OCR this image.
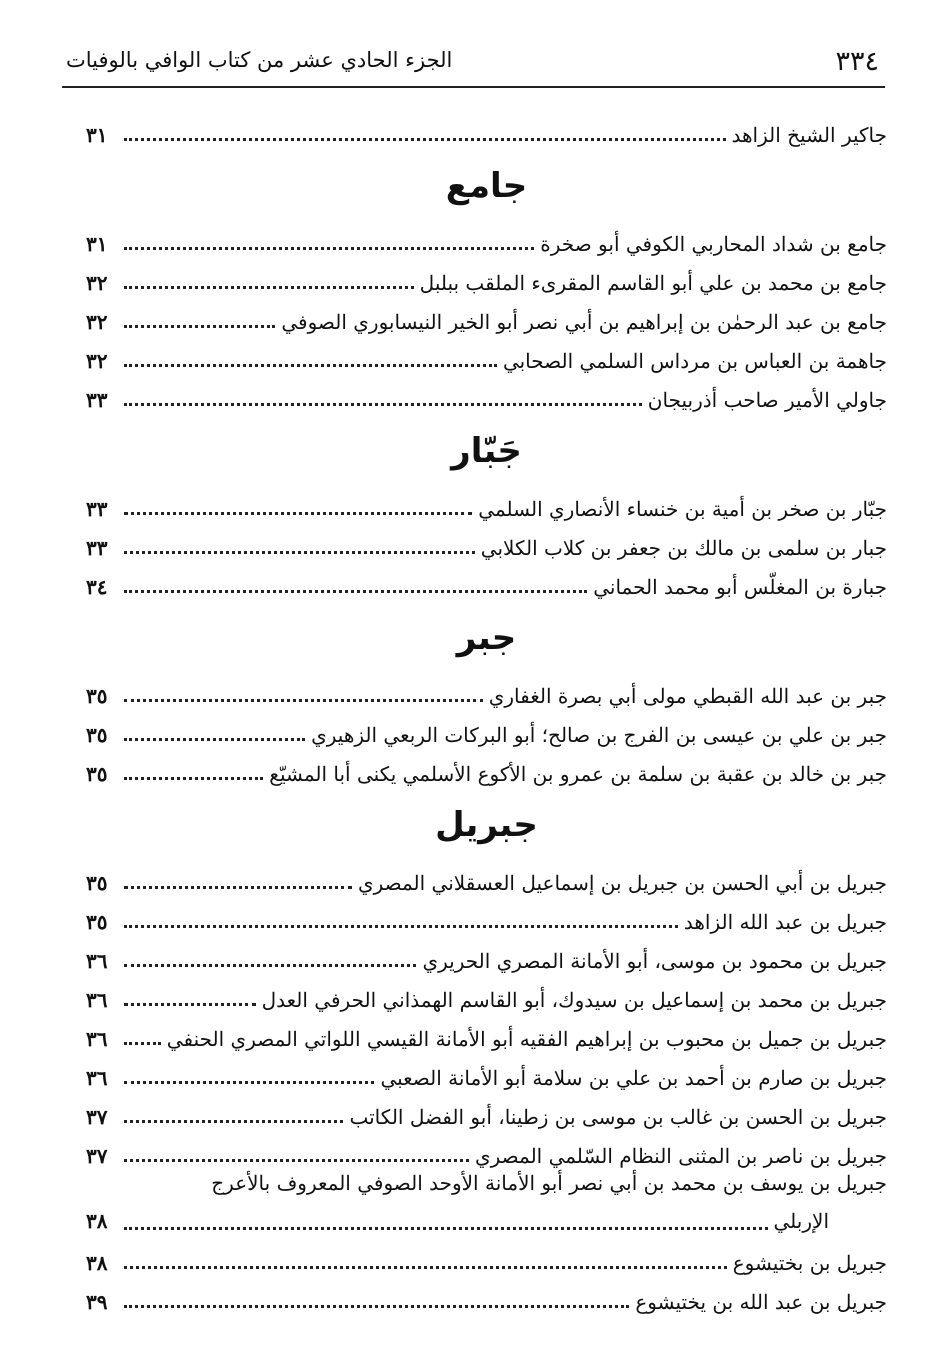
٣٣٤
الجزء الحادي عشر من كتاب الوافي بالوفيات
جاكير الشيخ الزاهد
٣١
جامع
جامع بن شداد المحاربي الكوفي أبو صخرة
٣١
جامع بن محمد بن علي أبو القاسم المقرىء الملقب ببلبل
٣٢
جامع بن عبد الرحمٰن بن إبراهيم بن أبي نصر أبو الخير النيسابوري الصوفي
٣٢
جاهمة بن العباس بن مرداس السلمي الصحابي
٣٢
جاولي الأمير صاحب أذربيجان
٣٣
جَبّار
جبّار بن صخر بن أمية بن خنساء الأنصاري السلمي
٣٣
جبار بن سلمى بن مالك بن جعفر بن كلاب الكلابي
٣٣
جبارة بن المغلّس أبو محمد الحماني
٣٤
جبر
جبر بن عبد الله القبطي مولى أبي بصرة الغفاري
٣٥
جبر بن علي بن عيسى بن الفرج بن صالح؛ أبو البركات الربعي الزهيري
٣٥
جبر بن خالد بن عقبة بن سلمة بن عمرو بن الأكوع الأسلمي يكنى أبا المشيّع
٣٥
جبريل
جبريل بن أبي الحسن بن جبريل بن إسماعيل العسقلاني المصري
٣٥
جبريل بن عبد الله الزاهد
٣٥
جبريل بن محمود بن موسى، أبو الأمانة المصري الحريري
٣٦
جبريل بن محمد بن إسماعيل بن سيدوك، أبو القاسم الهمذاني الحرفي العدل
٣٦
جبريل بن جميل بن محبوب بن إبراهيم الفقيه أبو الأمانة القيسي اللواتي المصري الحنفي
٣٦
جبريل بن صارم بن أحمد بن علي بن سلامة أبو الأمانة الصعبي
٣٦
جبريل بن الحسن بن غالب بن موسى بن زطينا، أبو الفضل الكاتب
٣٧
جبريل بن ناصر بن المثنى النظام السّلمي المصري
٣٧
جبريل بن يوسف بن محمد بن أبي نصر أبو الأمانة الأوحد الصوفي المعروف بالأعرج
الإربلي
٣٨
جبريل بن بختيشوع
٣٨
جبريل بن عبد الله بن يختيشوع
٣٩
